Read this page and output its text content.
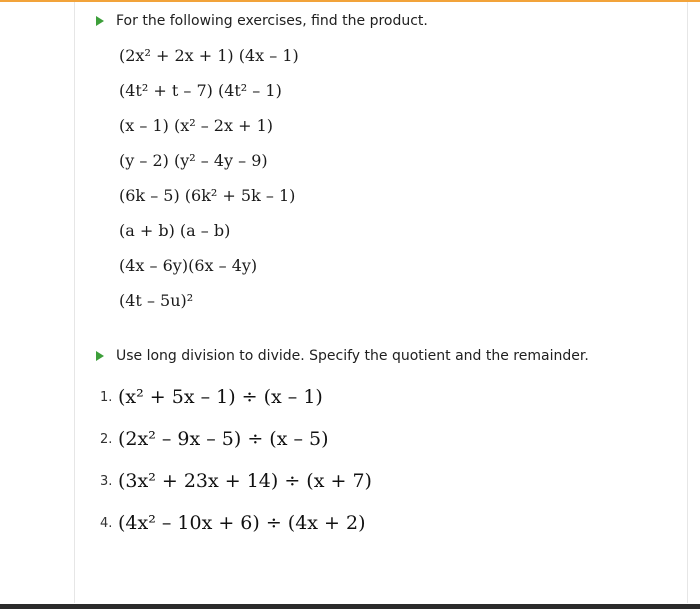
For the following exercises, find the product.
(2x² + 2x + 1) (4x – 1)
(4t² + t – 7) (4t² – 1)
(x – 1) (x² – 2x + 1)
(y – 2) (y² – 4y – 9)
(6k – 5) (6k² + 5k – 1)
(a + b) (a – b)
(4x – 6y)(6x – 4y)
(4t – 5u)²
Use long division to divide. Specify the quotient and the remainder.
1. (x² + 5x – 1) ÷ (x – 1)
2. (2x² – 9x – 5) ÷ (x – 5)
3. (3x² + 23x + 14) ÷ (x + 7)
4. (4x² – 10x + 6) ÷ (4x + 2)
